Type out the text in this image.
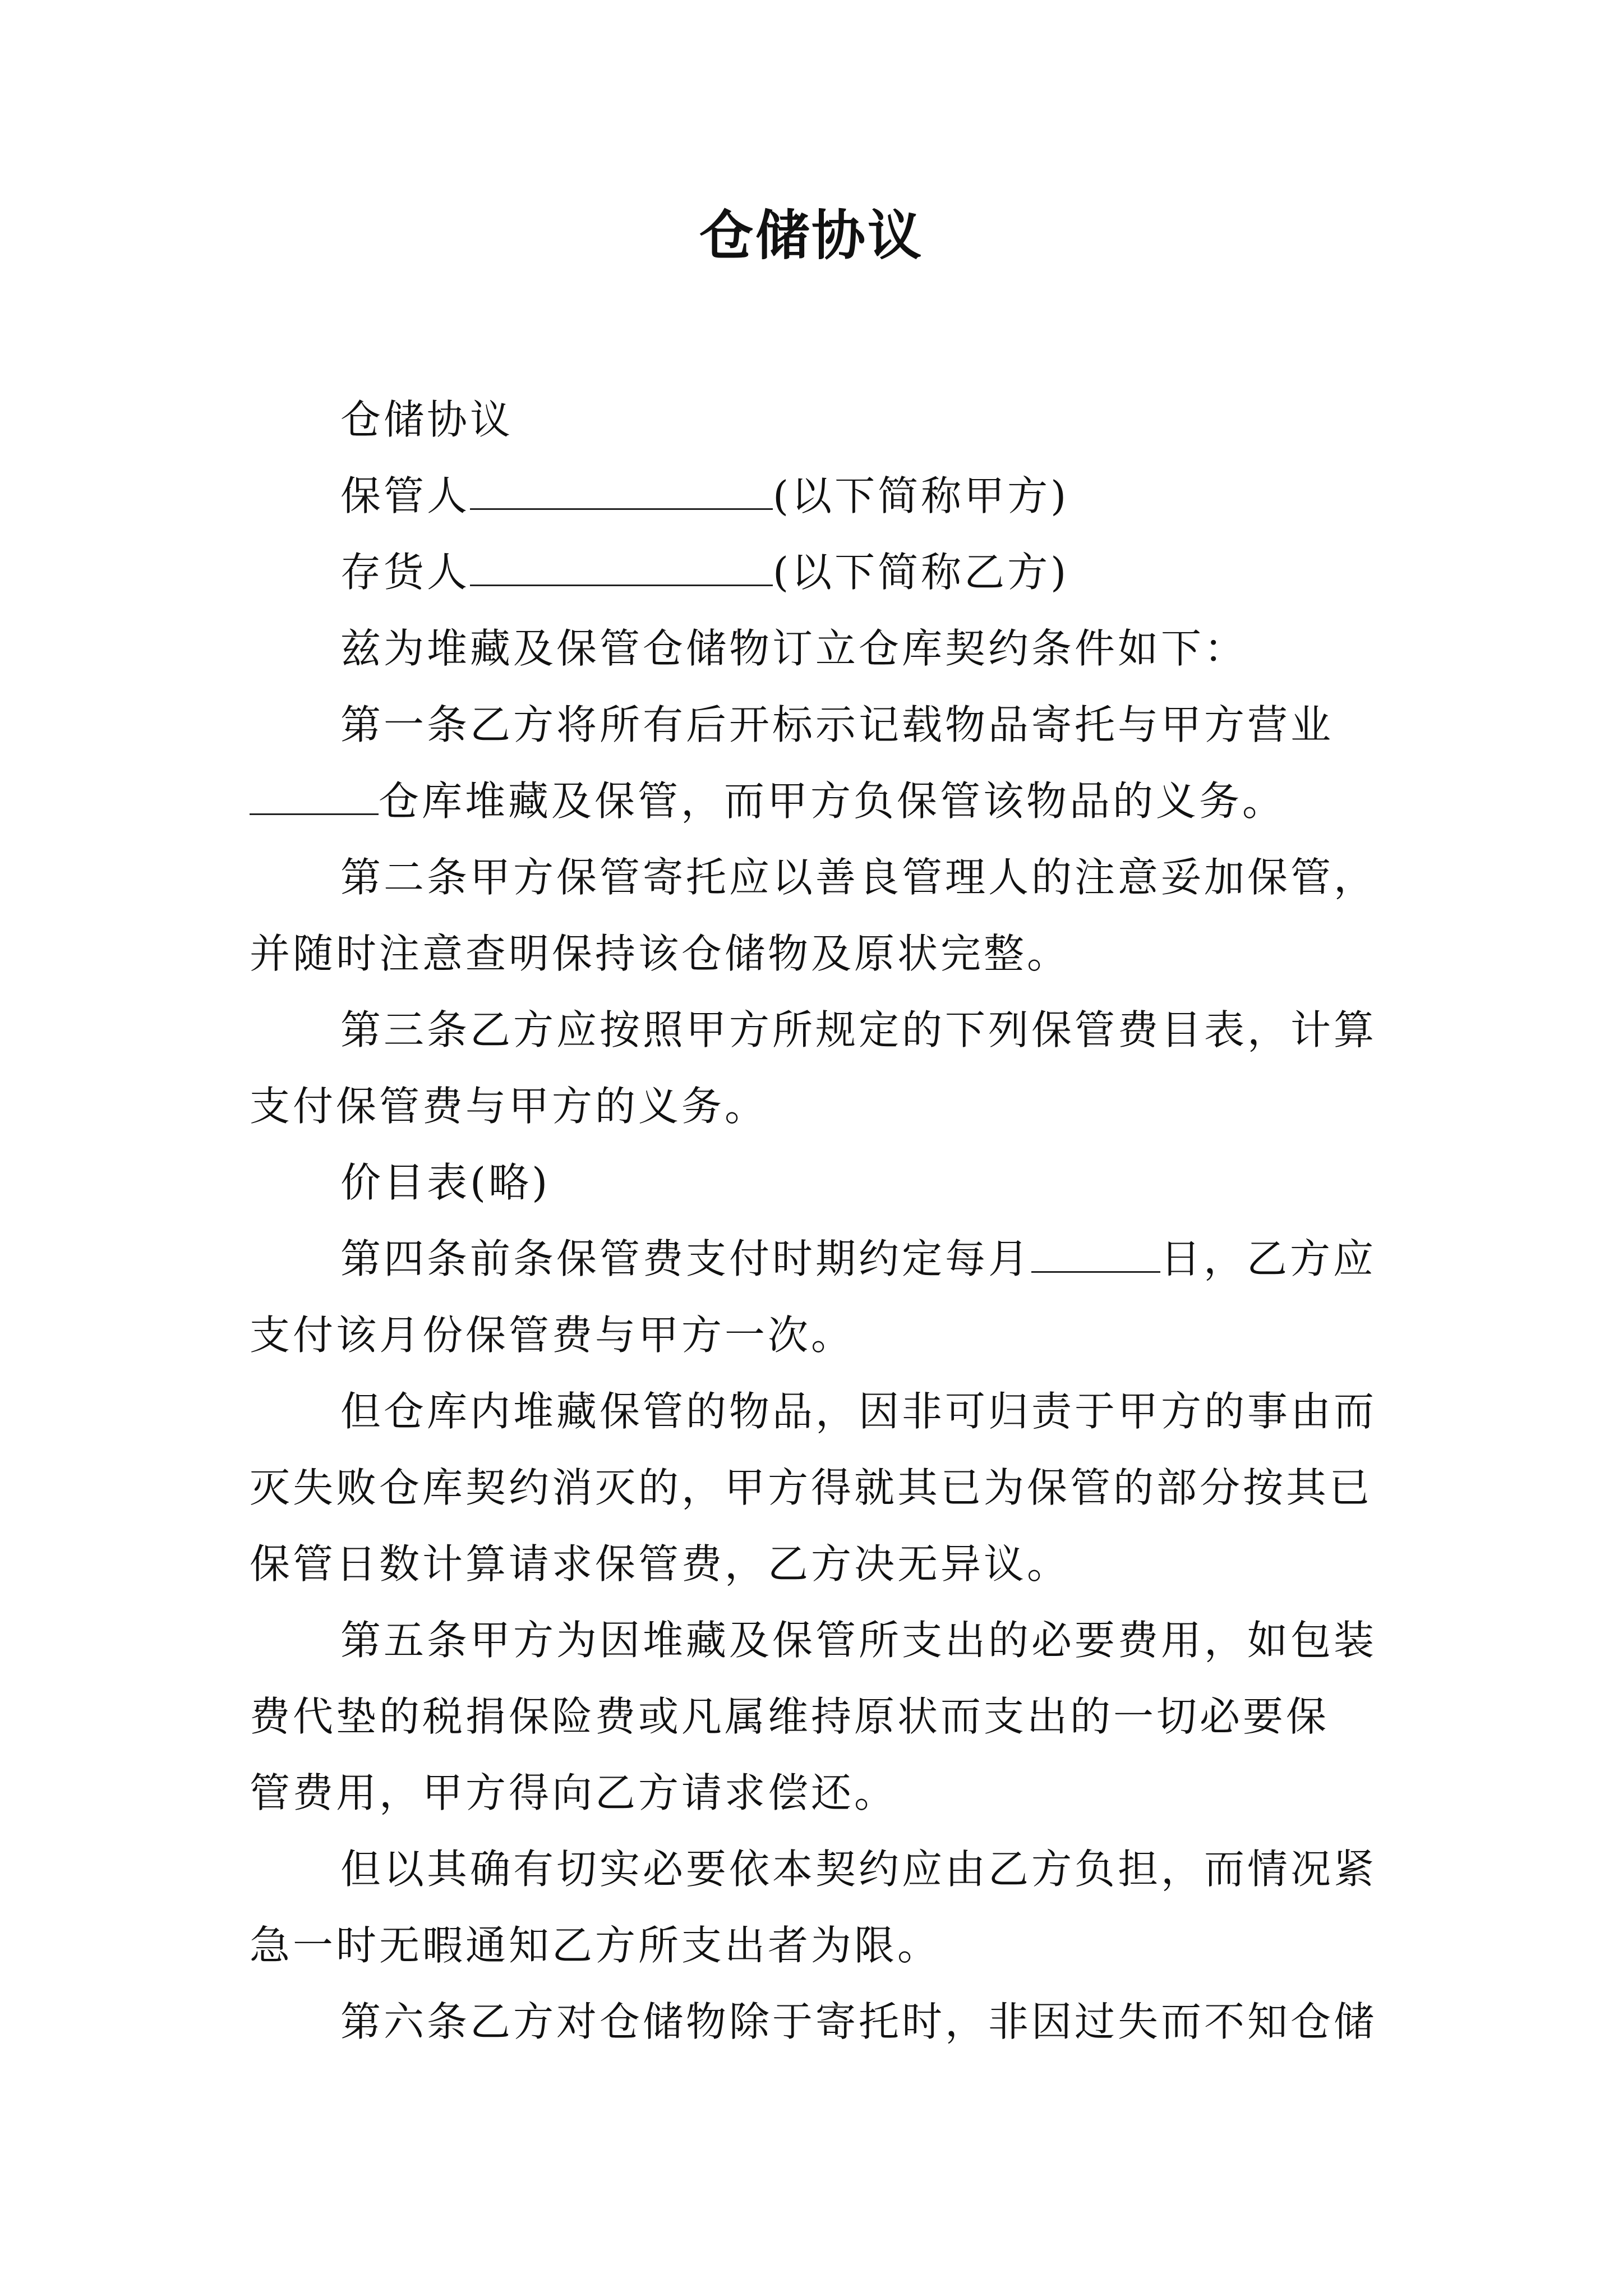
仓储协议
仓储协议
保管人	(以下简称甲方)
存货人	(以下简称乙方)
兹为堆藏及保管仓储物订立仓库契约条件如下：
第一条乙方将所有后开标示记载物品寄托与甲方营业
仓库堆藏及保管，而甲方负保管该物品的义务。
第二条甲方保管寄托应以善良管理人的注意妥加保管，
并随时注意查明保持该仓储物及原状完整。
第三条乙方应按照甲方所规定的下列保管费目表，计算
支付保管费与甲方的义务。
价目表(略)
第四条前条保管费支付时期约定每月	日，乙方应
支付该月份保管费与甲方一次。
但仓库内堆藏保管的物品，因非可归责于甲方的事由而
灭失败仓库契约消灭的，甲方得就其已为保管的部分按其已
保管日数计算请求保管费，乙方决无异议。
第五条甲方为因堆藏及保管所支出的必要费用，如包装
费代垫的税捐保险费或凡属维持原状而支出的一切必要保
管费用，甲方得向乙方请求偿还。
但以其确有切实必要依本契约应由乙方负担，而情况紧
急一时无暇通知乙方所支出者为限。
第六条乙方对仓储物除于寄托时，非因过失而不知仓储
